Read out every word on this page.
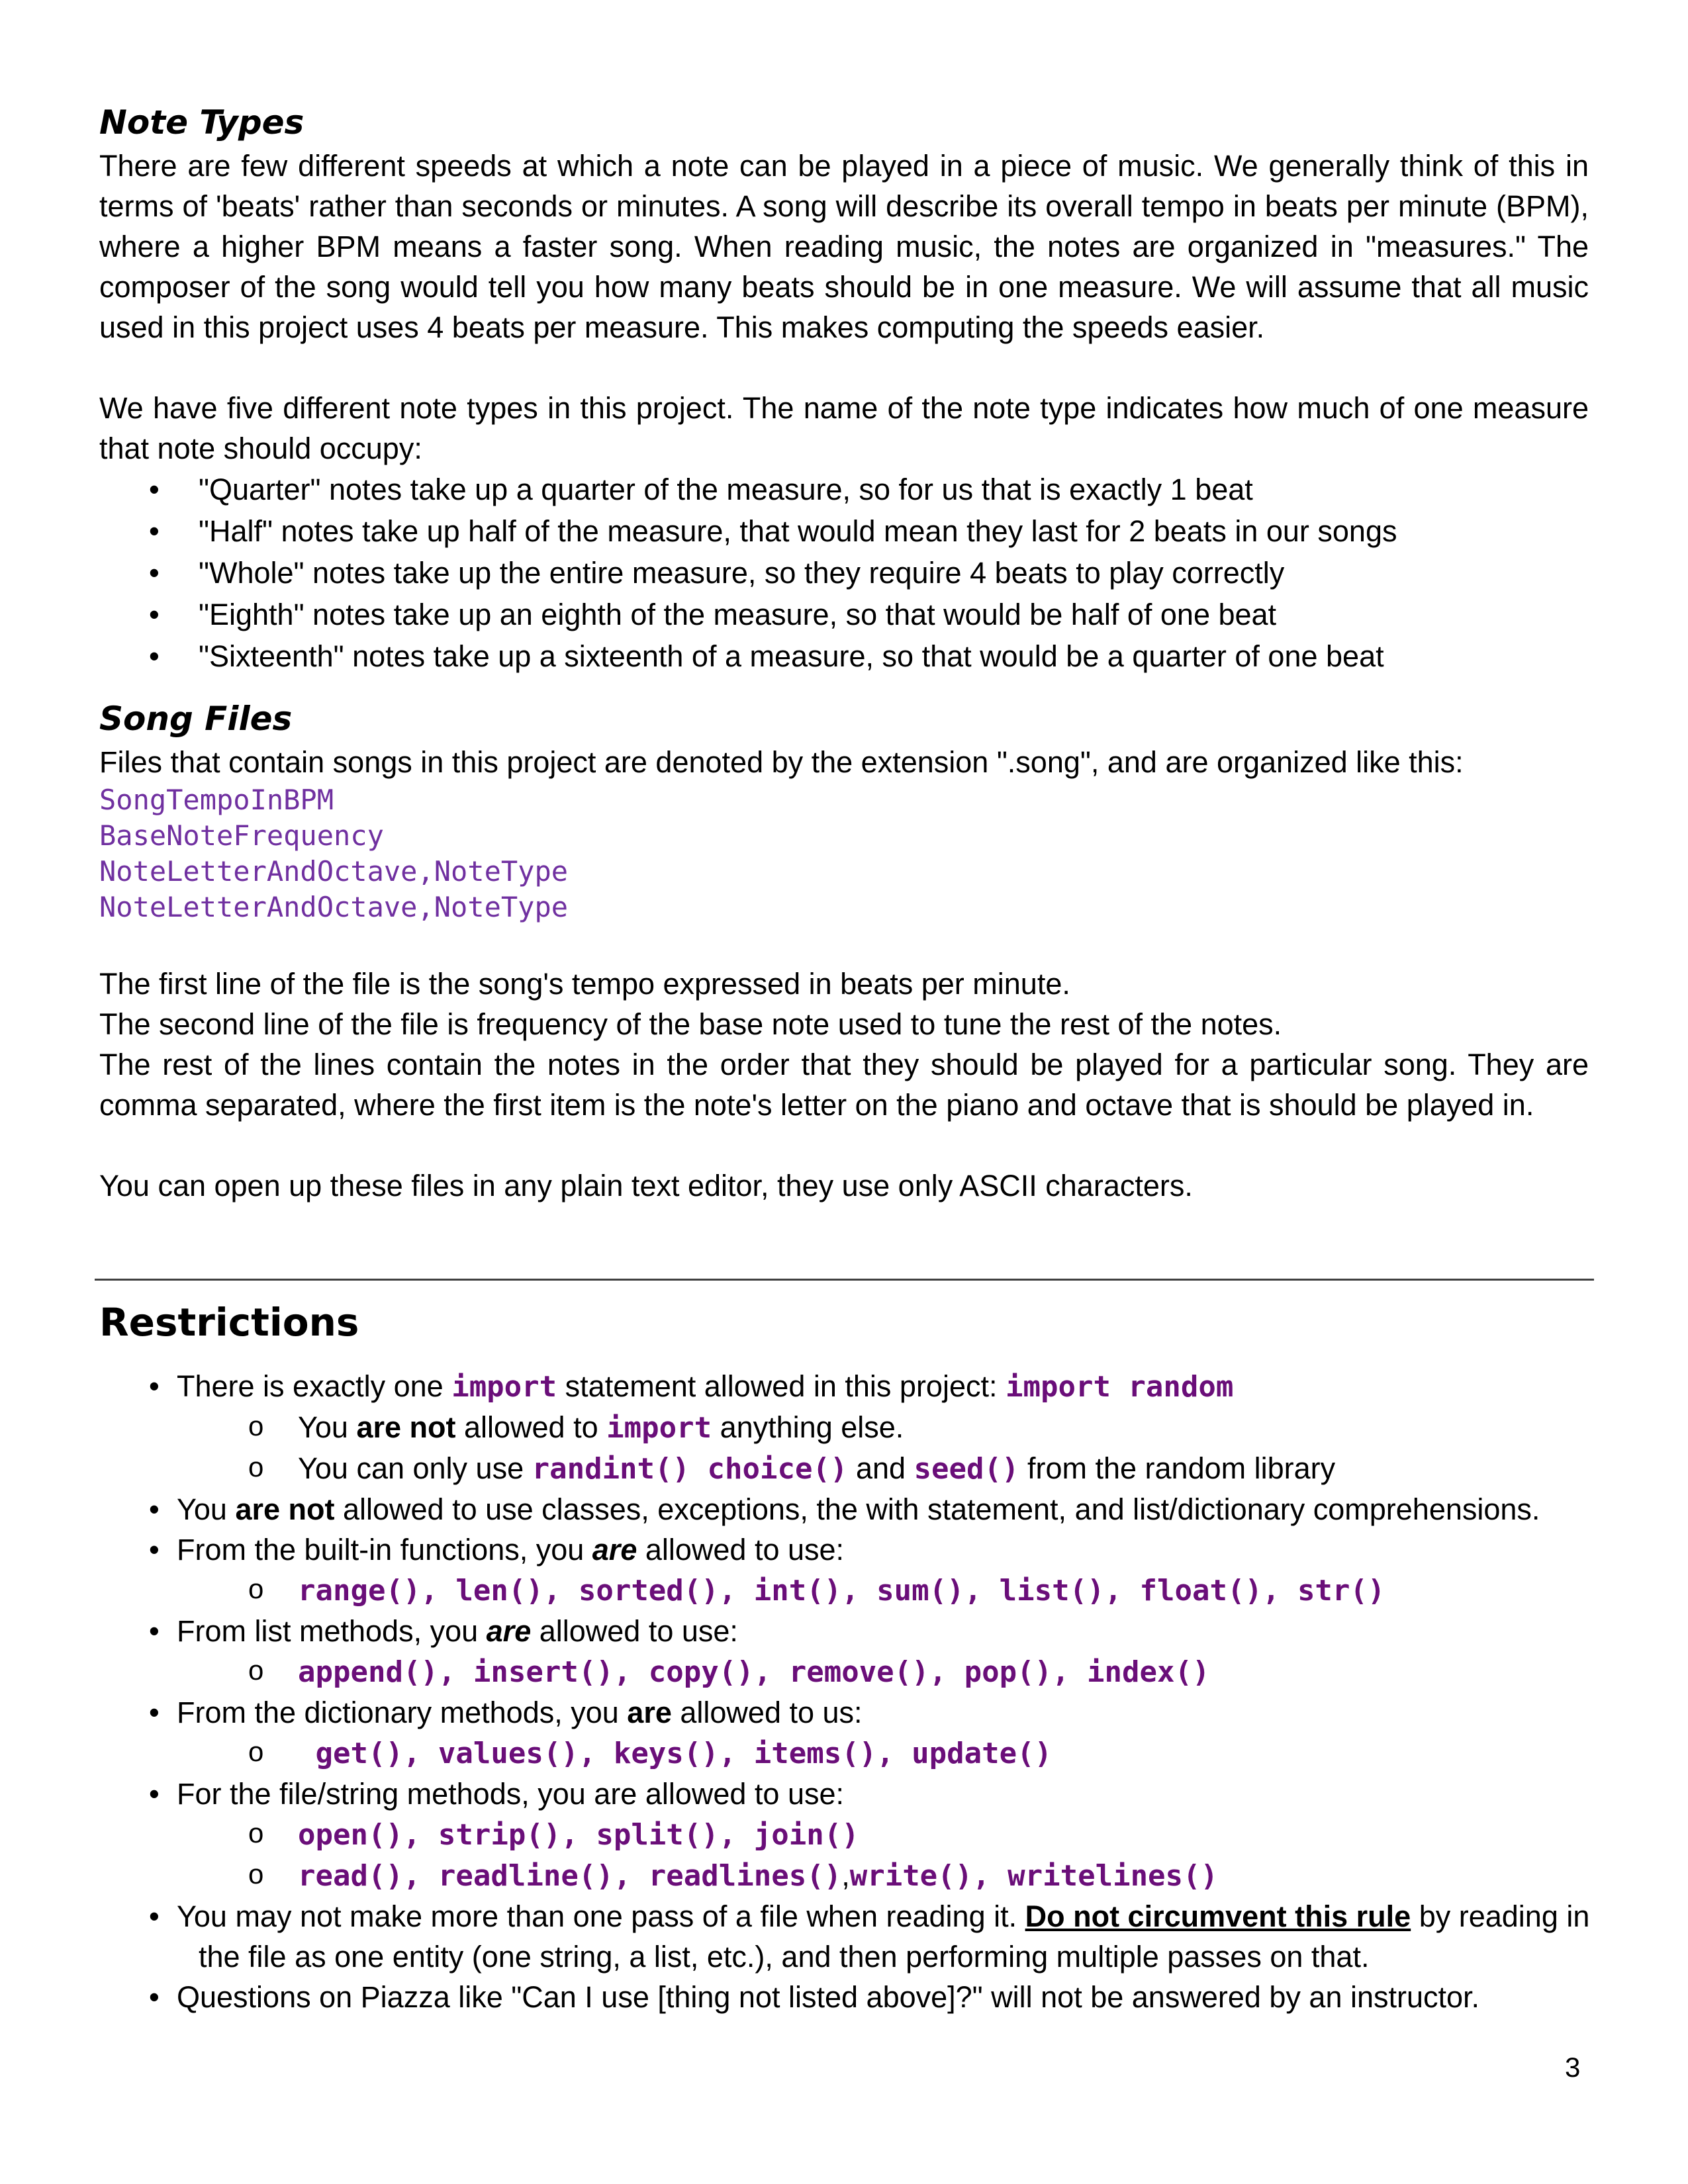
Note Types

There are few different speeds at which a note can be played in a piece of music. We generally think of this in terms of 'beats' rather than seconds or minutes. A song will describe its overall tempo in beats per minute (BPM), where a higher BPM means a faster song. When reading music, the notes are organized in "measures." The composer of the song would tell you how many beats should be in one measure. We will assume that all music used in this project uses 4 beats per measure. This makes computing the speeds easier.

We have five different note types in this project. The name of the note type indicates how much of one measure that note should occupy:

• "Quarter" notes take up a quarter of the measure, so for us that is exactly 1 beat
• "Half" notes take up half of the measure, that would mean they last for 2 beats in our songs
• "Whole" notes take up the entire measure, so they require 4 beats to play correctly
• "Eighth" notes take up an eighth of the measure, so that would be half of one beat
• "Sixteenth" notes take up a sixteenth of a measure, so that would be a quarter of one beat
Song Files

Files that contain songs in this project are denoted by the extension ".song", and are organized like this:

SongTempoInBPM
BaseNoteFrequency
NoteLetterAndOctave,NoteType
NoteLetterAndOctave,NoteType

The first line of the file is the song's tempo expressed in beats per minute.

The second line of the file is frequency of the base note used to tune the rest of the notes.

The rest of the lines contain the notes in the order that they should be played for a particular song. They are comma separated, where the first item is the note's letter on the piano and octave that is should be played in.

You can open up these files in any plain text editor, they use only ASCII characters.

Restrictions
• There is exactly one import statement allowed in this project: import random
o You are not allowed to import anything else.
o You can only use randint() choice() and seed() from the random library
• You are not allowed to use classes, exceptions, the with statement, and list/dictionary comprehensions.
• From the built-in functions, you are allowed to use:
o range(), len(), sorted(), int(), sum(), list(), float(), str()
• From list methods, you are allowed to use:
o append(), insert(), copy(), remove(), pop(), index()
• From the dictionary methods, you are allowed to us:
o get(), values(), keys(), items(), update()
• For the file/string methods, you are allowed to use:
o open(), strip(), split(), join()
o read(), readline(), readlines(),write(), writelines()
• You may not make more than one pass of a file when reading it. Do not circumvent this rule by reading in
the file as one entity (one string, a list, etc.), and then performing multiple passes on that.
• Questions on Piazza like "Can I use [thing not listed above]?" will not be answered by an instructor.
3
